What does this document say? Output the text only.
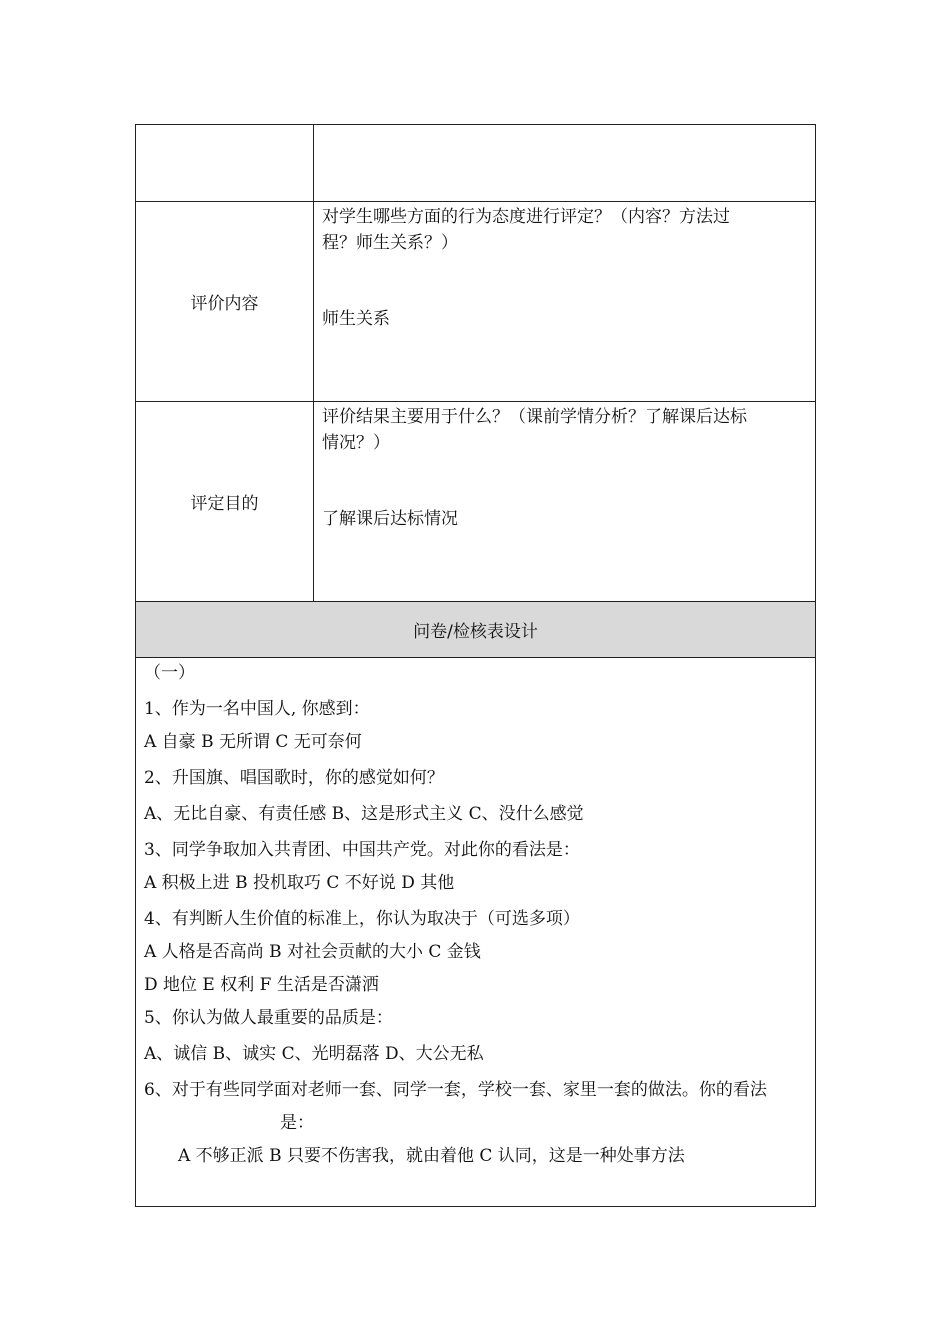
评价内容
对学生哪些方面的行为态度进行评定？（内容？方法过
程？师生关系？）
师生关系
评定目的
评价结果主要用于什么？（课前学情分析？了解课后达标
情况？）
了解课后达标情况
问卷/检核表设计
（一）
1、作为一名中国人, 你感到：
A 自豪 B 无所谓 C 无可奈何
2、升国旗、唱国歌时，你的感觉如何？
A、无比自豪、有责任感 B、这是形式主义 C、没什么感觉
3、同学争取加入共青团、中国共产党。对此你的看法是：
A 积极上进 B 投机取巧 C 不好说 D 其他
4、有判断人生价值的标准上，你认为取决于（可选多项）
A 人格是否高尚 B 对社会贡献的大小 C 金钱
D 地位 E 权利 F 生活是否潇洒
5、你认为做人最重要的品质是：
A、诚信 B、诚实 C、光明磊落 D、大公无私
6、对于有些同学面对老师一套、同学一套，学校一套、家里一套的做法。你的看法
是：
A 不够正派 B 只要不伤害我，就由着他 C 认同，这是一种处事方法
